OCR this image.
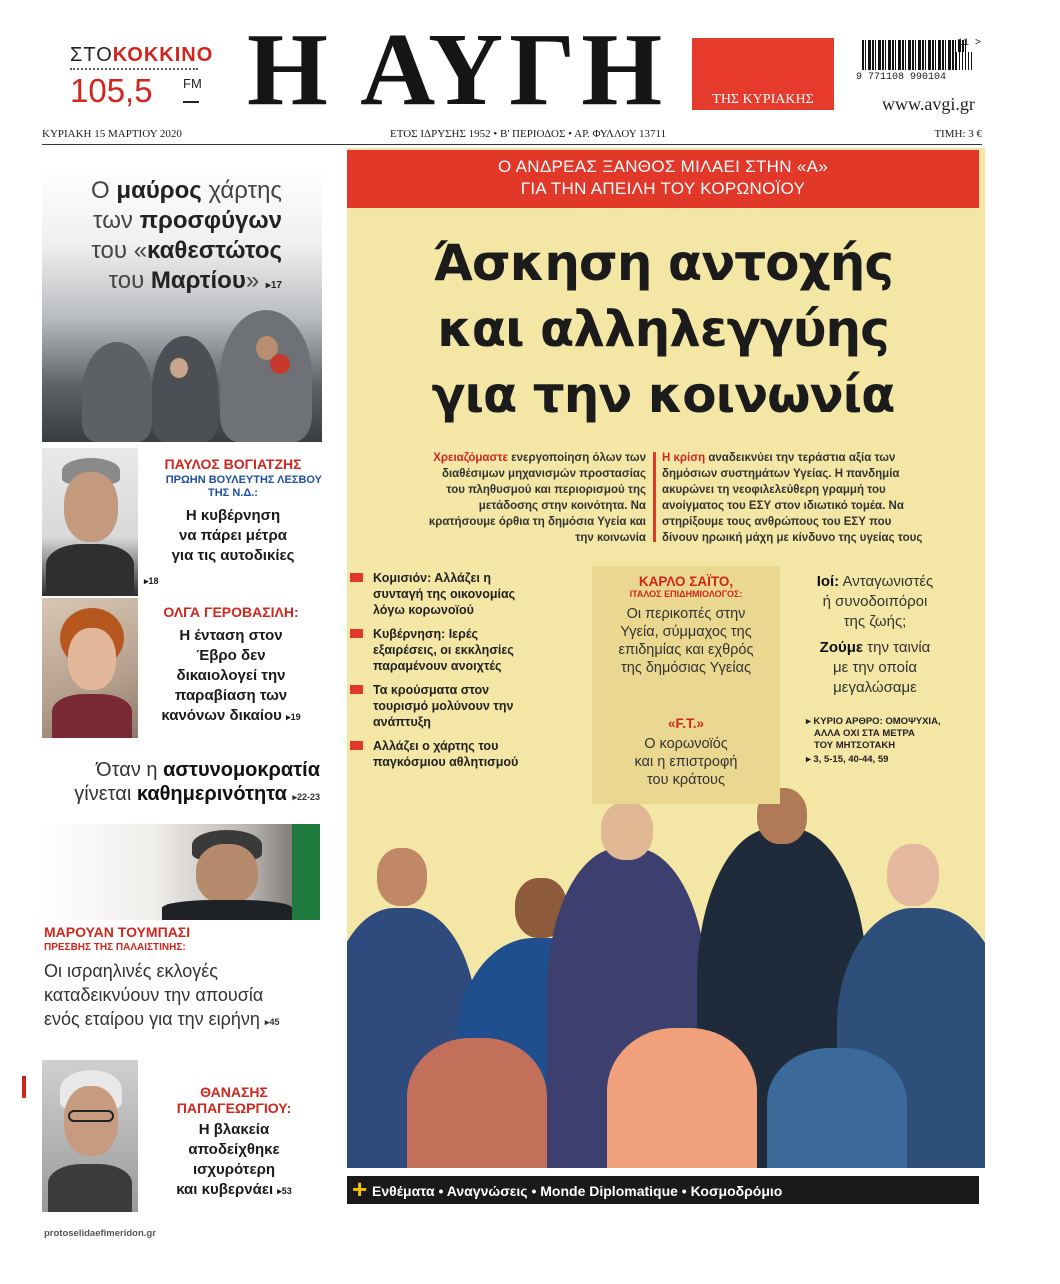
ΣΤΟΚΟΚΚΙΝΟ
105,5 FM Η ΑΥΓΗ	ΤΗΣ ΚΥΡΙΑΚΗΣ
9 771108 990104
11 >
www.avgi.gr
ΚΥΡΙΑΚΗ 15 ΜΑΡΤΙΟΥ 2020	ΕΤΟΣ ΙΔΡΥΣΗΣ 1952 • Β' ΠΕΡΙΟΔΟΣ • ΑΡ. ΦΥΛΛΟΥ 13711	ΤΙΜΗ: 3 €
Ο μαύρος χάρτης
των προσφύγων
του «καθεστώτος
του Μαρτίου» ▸17
ΠΑΥΛΟΣ ΒΟΓΙΑΤΖΗΣ
ΠΡΩΗΝ ΒΟΥΛΕΥΤΗΣ ΛΕΣΒΟΥ
ΤΗΣ Ν.Δ.:
Η κυβέρνηση
να πάρει μέτρα
για τις αυτοδικίες
▸18
ΟΛΓΑ ΓΕΡΟΒΑΣΙΛΗ:
Η ένταση στον
Έβρο δεν
δικαιολογεί την
παραβίαση των
κανόνων δικαίου ▸19
Όταν η αστυνομοκρατία
γίνεται καθημερινότητα ▸22-23
ΜΑΡΟΥΑΝ ΤΟΥΜΠΑΣΙ
ΠΡΕΣΒΗΣ ΤΗΣ ΠΑΛΑΙΣΤΙΝΗΣ:
Οι ισραηλινές εκλογές
καταδεικνύουν την απουσία
ενός εταίρου για την ειρήνη ▸45
ΘΑΝΑΣΗΣ
ΠΑΠΑΓΕΩΡΓΙΟΥ:
Η βλακεία
αποδείχθηκε
ισχυρότερη
και κυβερνάει ▸53
Ο ΑΝΔΡΕΑΣ ΞΑΝΘΟΣ ΜΙΛΑΕΙ ΣΤΗΝ «Α»
ΓΙΑ ΤΗΝ ΑΠΕΙΛΗ ΤΟΥ ΚΟΡΩΝΟΪΟΥ
Άσκηση αντοχής
και αλληλεγγύης
για την κοινωνία
Χρειαζόμαστε ενεργοποίηση όλων των
διαθέσιμων μηχανισμών προστασίας
του πληθυσμού και περιορισμού της
μετάδοσης στην κοινότητα. Να
κρατήσουμε όρθια τη δημόσια Υγεία και
την κοινωνία
Η κρίση αναδεικνύει την τεράστια αξία των
δημόσιων συστημάτων Υγείας. Η πανδημία
ακυρώνει τη νεοφιλελεύθερη γραμμή του
ανοίγματος του ΕΣΥ στον ιδιωτικό τομέα. Να
στηρίξουμε τους ανθρώπους του ΕΣΥ που
δίνουν ηρωική μάχη με κίνδυνο της υγείας τους
Κομισιόν: Αλλάζει η
συνταγή της οικονομίας
λόγω κορωνοϊού
Κυβέρνηση: Ιερές
εξαιρέσεις, οι εκκλησίες
παραμένουν ανοιχτές
Τα κρούσματα στον
τουρισμό μολύνουν την
ανάπτυξη
Αλλάζει ο χάρτης του
παγκόσμιου αθλητισμού
ΚΑΡΛΟ ΣΑΪΤΟ,
ΙΤΑΛΟΣ ΕΠΙΔΗΜΙΟΛΟΓΟΣ:
Οι περικοπές στην
Υγεία, σύμμαχος της
επιδημίας και εχθρός
της δημόσιας Υγείας
«F.T.»
Ο κορωνοϊός
και η επιστροφή
του κράτους
Ιοί: Ανταγωνιστές
ή συνοδοιπόροι
της ζωής;
Ζούμε την ταινία
με την οποία
μεγαλώσαμε
▸ ΚΥΡΙΟ ΑΡΘΡΟ: ΟΜΟΨΥΧΙΑ,
ΑΛΛΑ ΟΧΙ ΣΤΑ ΜΕΤΡΑ
ΤΟΥ ΜΗΤΣΟΤΑΚΗ
▸ 3, 5-15, 40-44, 59
+ Ενθέματα • Αναγνώσεις • Monde Diplomatique • Κοσμοδρόμιο
protoselidaefimeridon.gr
